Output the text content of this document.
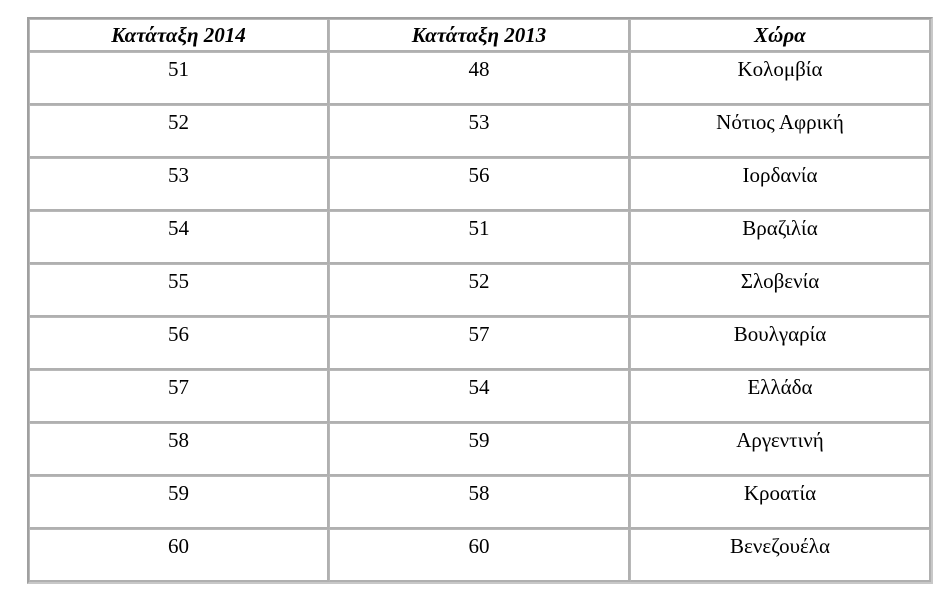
Κατάταξη 2014	Κατάταξη 2013	Χώρα
51	48	Κολομβία
52	53	Νότιος Αφρική
53	56	Ιορδανία
54	51	Βραζιλία
55	52	Σλοβενία
56	57	Βουλγαρία
57	54	Ελλάδα
58	59	Αργεντινή
59	58	Κροατία
60	60	Βενεζουέλα
